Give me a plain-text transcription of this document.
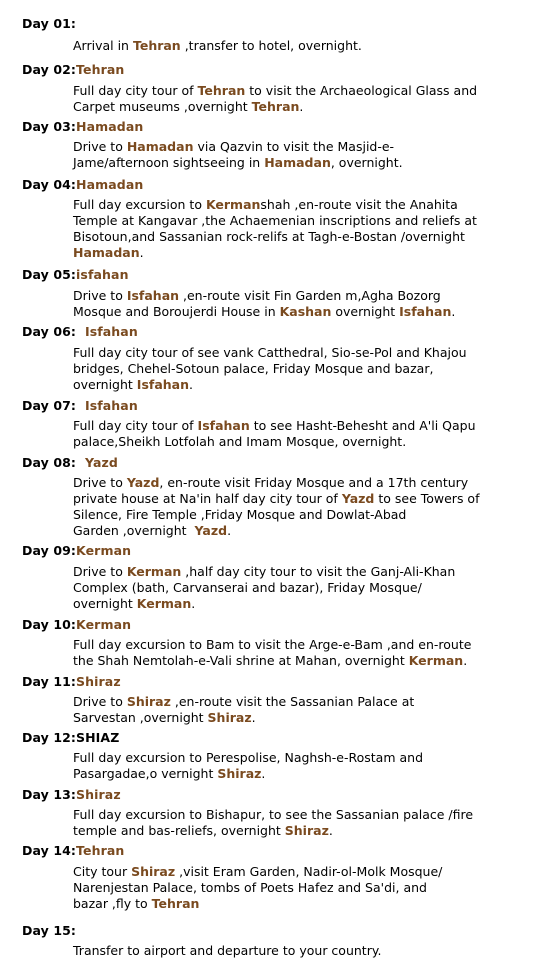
Day 01:
Arrival in Tehran ,transfer to hotel, overnight.
Day 02:Tehran
Full day city tour of Tehran to visit the Archaeological Glass and
Carpet museums ,overnight Tehran.
Day 03:Hamadan
Drive to Hamadan via Qazvin to visit the Masjid-e-
Jame/afternoon sightseeing in Hamadan, overnight.
Day 04:Hamadan
Full day excursion to Kermanshah ,en-route visit the Anahita
Temple at Kangavar ,the Achaemenian inscriptions and reliefs at
Bisotoun,and Sassanian rock-relifs at Tagh-e-Bostan /overnight
Hamadan.
Day 05:isfahan
Drive to Isfahan ,en-route visit Fin Garden m,Agha Bozorg
Mosque and Boroujerdi House in Kashan overnight Isfahan.
Day 06:  Isfahan
Full day city tour of see vank Catthedral, Sio-se-Pol and Khajou
bridges, Chehel-Sotoun palace, Friday Mosque and bazar,
overnight Isfahan.
Day 07:  Isfahan
Full day city tour of Isfahan to see Hasht-Behesht and A'li Qapu
palace,Sheikh Lotfolah and Imam Mosque, overnight.
Day 08:  Yazd
Drive to Yazd, en-route visit Friday Mosque and a 17th century
private house at Na'in half day city tour of Yazd to see Towers of
Silence, Fire Temple ,Friday Mosque and Dowlat-Abad
Garden ,overnight  Yazd.
Day 09:Kerman
Drive to Kerman ,half day city tour to visit the Ganj-Ali-Khan
Complex (bath, Carvanserai and bazar), Friday Mosque/
overnight Kerman.
Day 10:Kerman
Full day excursion to Bam to visit the Arge-e-Bam ,and en-route
the Shah Nemtolah-e-Vali shrine at Mahan, overnight Kerman.
Day 11:Shiraz
Drive to Shiraz ,en-route visit the Sassanian Palace at
Sarvestan ,overnight Shiraz.
Day 12:SHIAZ
Full day excursion to Perespolise, Naghsh-e-Rostam and
Pasargadae,o vernight Shiraz.
Day 13:Shiraz
Full day excursion to Bishapur, to see the Sassanian palace /fire
temple and bas-reliefs, overnight Shiraz.
Day 14:Tehran
City tour Shiraz ,visit Eram Garden, Nadir-ol-Molk Mosque/
Narenjestan Palace, tombs of Poets Hafez and Sa'di, and
bazar ,fly to Tehran
Day 15:
Transfer to airport and departure to your country.
